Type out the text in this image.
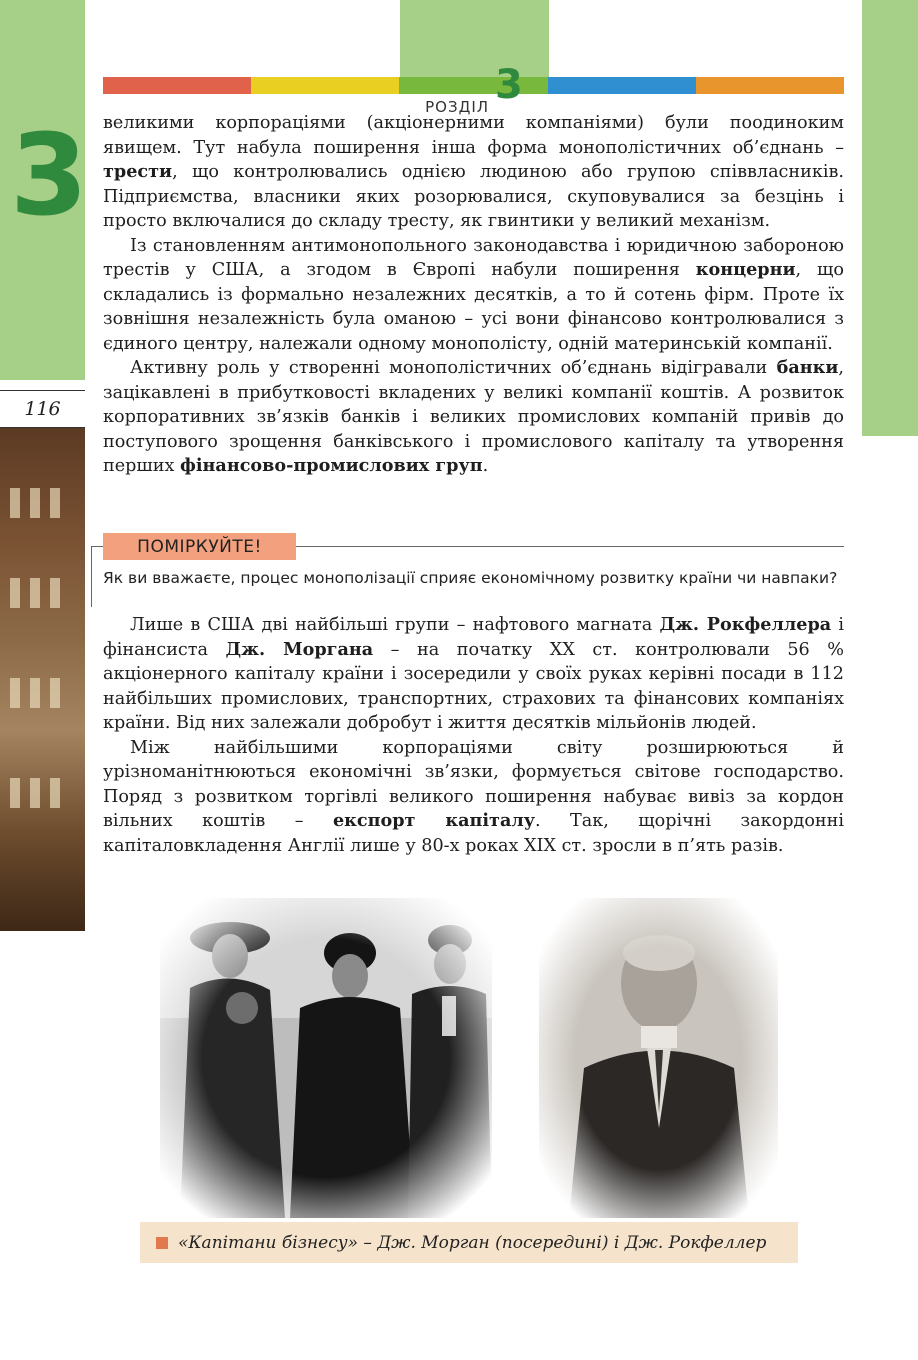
РОЗДІЛ 3
3
116

великими корпораціями (акціонерними компаніями) були поодиноким явищем. Тут набула поширення інша форма монополістичних об’єднань – трести, що контролювались однією людиною або групою співвласників. Підприємства, власники яких розорювалися, скуповувалися за безцінь і просто включалися до складу тресту, як гвинтики у великий механізм.

Із становленням антимонопольного законодавства і юридичною забороною трестів у США, а згодом в Європі набули поширення концерни, що складались із формально незалежних десятків, а то й сотень фірм. Проте їх зовнішня незалежність була оманою – усі вони фінансово контролювалися з єдиного центру, належали одному монополісту, одній материнській компанії.

Активну роль у створенні монополістичних об’єднань відігравали банки, зацікавлені в прибутковості вкладених у великі компанії коштів. А розвиток корпоративних зв’язків банків і великих промислових компаній привів до поступового зрощення банківського і промислового капіталу та утворення перших фінансово-промислових груп.

ПОМІРКУЙТЕ!
Як ви вважаєте, процес монополізації сприяє економічному розвитку країни чи навпаки?

Лише в США дві найбільші групи – нафтового магната Дж. Рокфеллера і фінансиста Дж. Моргана – на початку ХХ ст. контролювали 56 % акціонерного капіталу країни і зосередили у своїх руках керівні посади в 112 найбільших промислових, транспортних, страхових та фінансових компаніях країни. Від них залежали добробут і життя десятків мільйонів людей.

Між найбільшими корпораціями світу розширюються й урізноманітнюються економічні зв’язки, формується світове господарство. Поряд з розвитком торгівлі великого поширення набуває вивіз за кордон вільних коштів – експорт капіталу. Так, щорічні закордонні капіталовкладення Англії лише у 80-х роках ХІХ ст. зросли в п’ять разів.

«Капітани бізнесу» – Дж. Морган (посередині) і Дж. Рокфеллер
